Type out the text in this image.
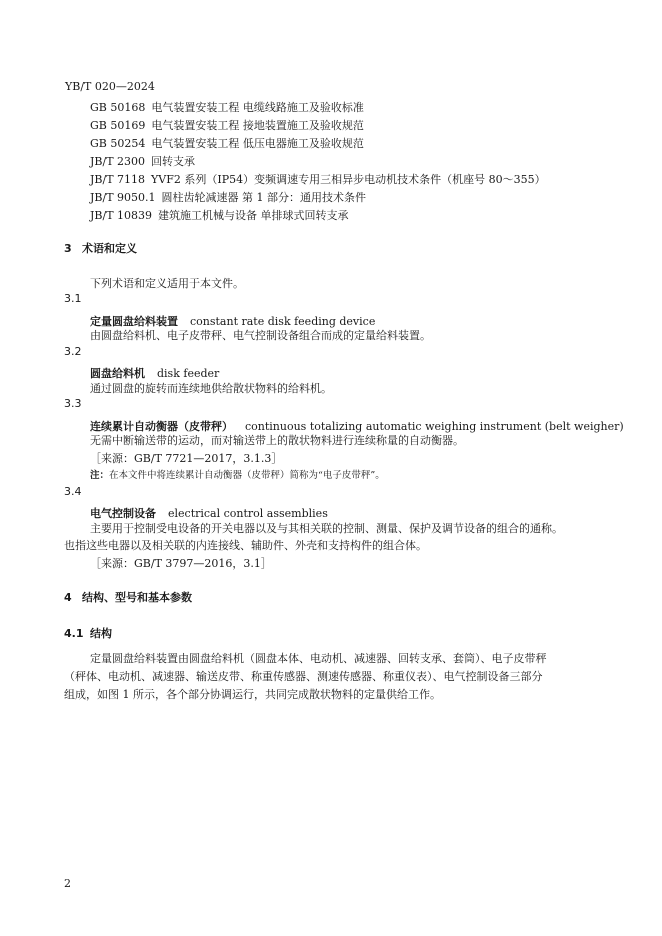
YB/T 020—2024
GB 50168 电气装置安装工程 电缆线路施工及验收标准
GB 50169 电气装置安装工程 接地装置施工及验收规范
GB 50254 电气装置安装工程 低压电器施工及验收规范
JB/T 2300 回转支承
JB/T 7118 YVF2 系列（IP54）变频调速专用三相异步电动机技术条件（机座号 80～355）
JB/T 9050.1 圆柱齿轮减速器 第 1 部分：通用技术条件
JB/T 10839 建筑施工机械与设备 单排球式回转支承
3 术语和定义
下列术语和定义适用于本文件。
3.1
定量圆盘给料装置 constant rate disk feeding device
由圆盘给料机、电子皮带秤、电气控制设备组合而成的定量给料装置。
3.2
圆盘给料机 disk feeder
通过圆盘的旋转而连续地供给散状物料的给料机。
3.3
连续累计自动衡器（皮带秤） continuous totalizing automatic weighing instrument (belt weigher)
无需中断输送带的运动，而对输送带上的散状物料进行连续称量的自动衡器。
［来源：GB/T 7721—2017，3.1.3］
注：在本文件中将连续累计自动衡器（皮带秤）简称为“电子皮带秤”。
3.4
电气控制设备 electrical control assemblies
主要用于控制受电设备的开关电器以及与其相关联的控制、测量、保护及调节设备的组合的通称。
也指这些电器以及相关联的内连接线、辅助件、外壳和支持构件的组合体。
［来源：GB/T 3797—2016，3.1］
4 结构、型号和基本参数
4.1 结构
定量圆盘给料装置由圆盘给料机（圆盘本体、电动机、减速器、回转支承、套筒）、电子皮带秤
（秤体、电动机、减速器、输送皮带、称重传感器、测速传感器、称重仪表）、电气控制设备三部分
组成，如图 1 所示，各个部分协调运行，共同完成散状物料的定量供给工作。
2
